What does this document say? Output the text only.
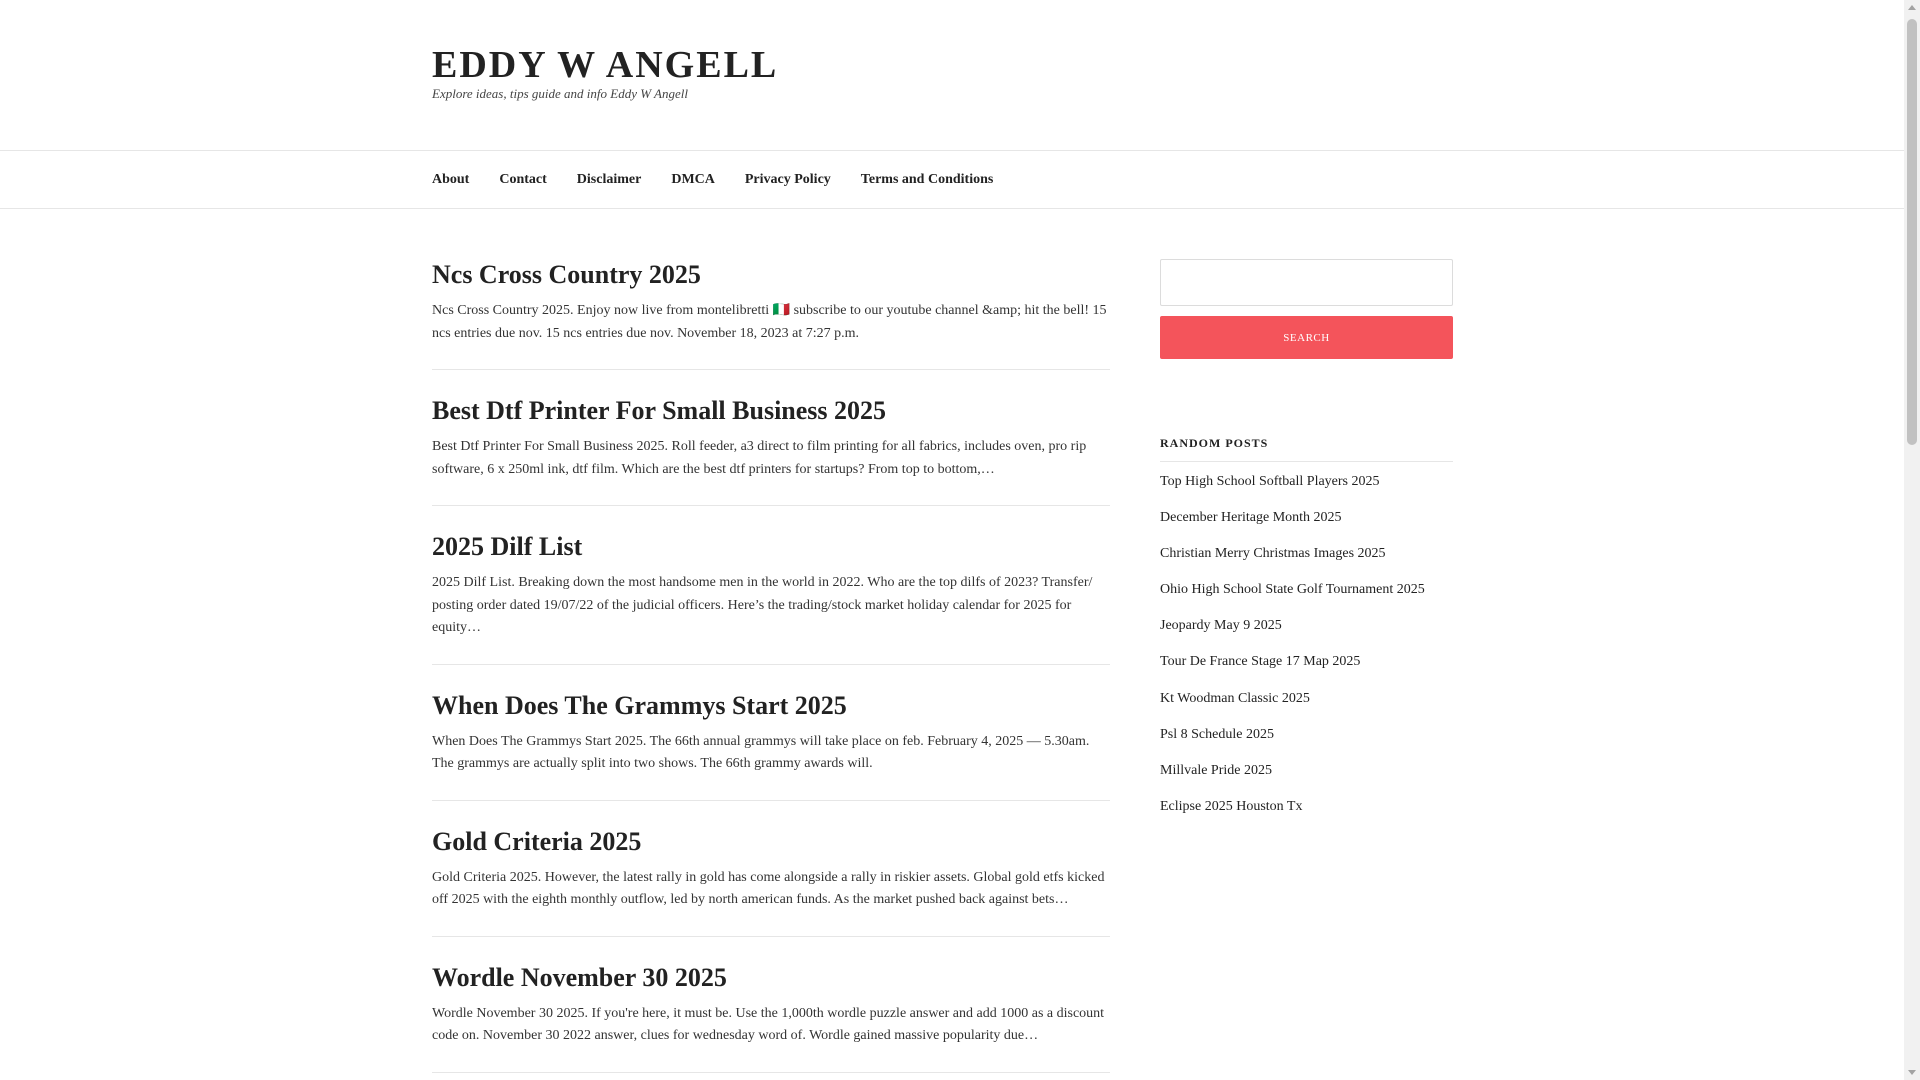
EDDY W ANGELL

Explore ideas, tips guide and info Eddy W Angell

About Contact Disclaimer DMCA Privacy Policy Terms and Conditions
Ncs Cross Country 2025

Ncs Cross Country 2025. Enjoy now live from montelibretti 🇮🇹 subscribe to our youtube channel &amp; hit the bell! 15 ncs entries due nov. 15 ncs entries due nov. November 18, 2023 at 7:27 p.m.

Best Dtf Printer For Small Business 2025

Best Dtf Printer For Small Business 2025. Roll feeder, a3 direct to film printing for all fabrics, includes oven, pro rip software, 6 x 250ml ink, dtf film. Which are the best dtf printers for startups? From top to bottom,…

2025 Dilf List

2025 Dilf List. Breaking down the most handsome men in the world in 2022. Who are the top dilfs of 2023? Transfer/ posting order dated 19/07/22 of the judicial officers. Here’s the trading/stock market holiday calendar for 2025 for equity…

When Does The Grammys Start 2025

When Does The Grammys Start 2025. The 66th annual grammys will take place on feb. February 4, 2025 — 5.30am. The grammys are actually split into two shows. The 66th grammy awards will.

Gold Criteria 2025

Gold Criteria 2025. However, the latest rally in gold has come alongside a rally in riskier assets. Global gold etfs kicked off 2025 with the eighth monthly outflow, led by north american funds. As the market pushed back against bets…

Wordle November 30 2025

Wordle November 30 2025. If you're here, it must be. Use the 1,000th wordle puzzle answer and add 1000 as a discount code on. November 30 2022 answer, clues for wednesday word of. Wordle gained massive popularity due…

SEARCH
RANDOM POSTS
Top High School Softball Players 2025
December Heritage Month 2025
Christian Merry Christmas Images 2025
Ohio High School State Golf Tournament 2025
Jeopardy May 9 2025
Tour De France Stage 17 Map 2025
Kt Woodman Classic 2025
Psl 8 Schedule 2025
Millvale Pride 2025
Eclipse 2025 Houston Tx
